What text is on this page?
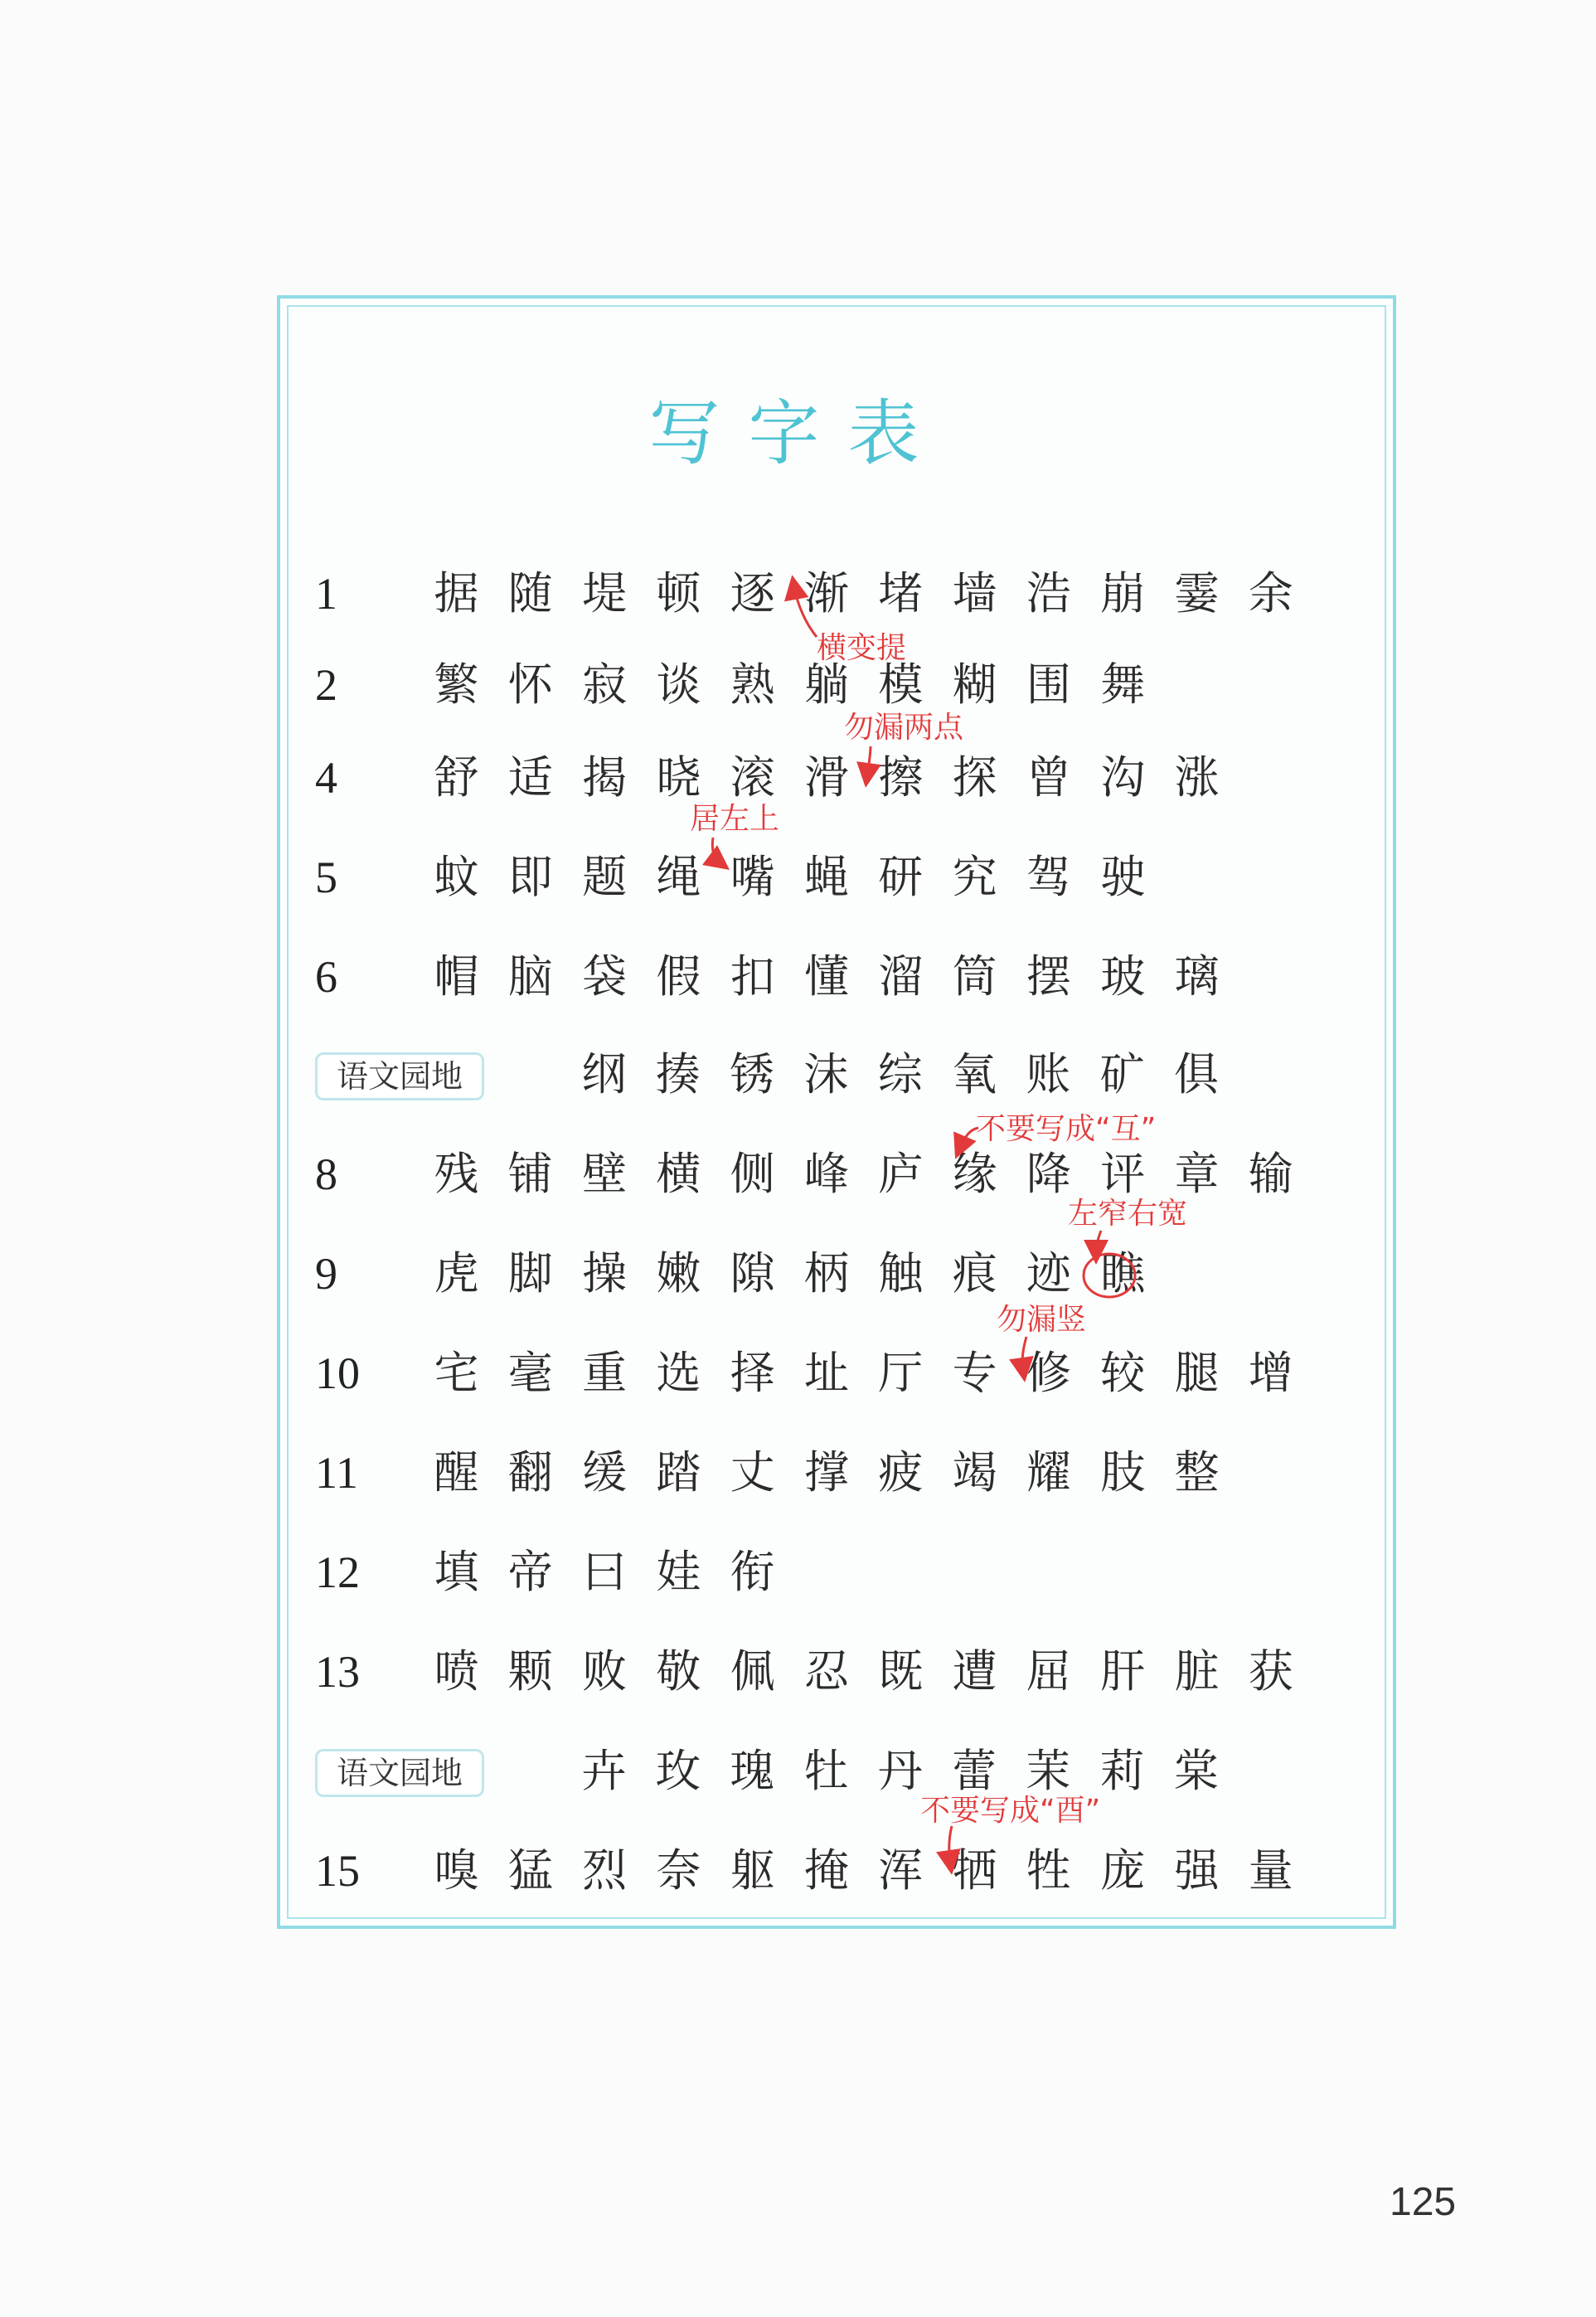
写字表
1	据 随 堤 顿 逐 渐 堵 墙 浩 崩 霎 余
2	繁 怀 寂 谈 熟 躺 模 糊 围 舞
4	舒 适 揭 晓 滚 滑 擦 探 曾 沟 涨
5	蚊 即 题 绳 嘴 蝇 研 究 驾 驶
6	帽 脑 袋 假 扣 懂 溜 筒 摆 玻 璃
语文园地	纲 揍 锈 沫 综 氧 账 矿 俱
8	残 铺 壁 横 侧 峰 庐 缘 降 评 章 输
9	虎 脚 操 嫩 隙 柄 触 痕 迹 瞧
10	宅 毫 重 选 择 址 厅 专 修 较 腿 增
11	醒 翻 缓 踏 丈 撑 疲 竭 耀 肢 整
12	填 帝 曰 娃 衔
13	喷 颗 败 敬 佩 忍 既 遭 屈 肝 脏 获
语文园地	卉 玫 瑰 牡 丹 蕾 茉 莉 棠
15	嗅 猛 烈 奈 躯 掩 浑 牺 牲 庞 强 量
横变提
勿漏两点
居左上
不要写成“互”
左窄右宽
勿漏竖
不要写成“酉”
125
